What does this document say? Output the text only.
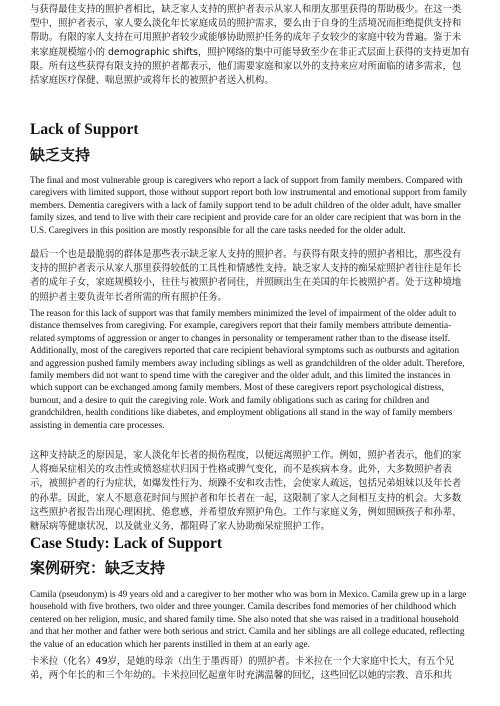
与获得最佳支持的照护者相比，缺乏家人支持的照护者表示从家人和朋友那里获得的帮助极少。在这一类型中，照护者表示，家人要么淡化年长家庭成员的照护需求，要么由于自身的生活境况而拒绝提供支持和帮助。有限的家人支持在可用照护者较少或能够协助照护任务的成年子女较少的家庭中较为普遍。鉴于未来家庭规模缩小的 demographic shifts，照护网络的集中可能导致至少在非正式层面上获得的支持更加有限。所有这些获得有限支持的照护者都表示，他们需要家庭和家以外的支持来应对所面临的诸多需求，包括家庭医疗保健、喘息照护或将年长的被照护者送入机构。

Lack of Support
缺乏支持

The final and most vulnerable group is caregivers who report a lack of support from family members. Compared with caregivers with limited support, those without support report both low instrumental and emotional support from family members. Dementia caregivers with a lack of family support tend to be adult children of the older adult, have smaller family sizes, and tend to live with their care recipient and provide care for an older care recipient that was born in the U.S. Caregivers in this position are mostly responsible for all the care tasks needed for the older adult.

最后一个也是最脆弱的群体是那些表示缺乏家人支持的照护者。与获得有限支持的照护者相比，那些没有支持的照护者表示从家人那里获得较低的工具性和情感性支持。缺乏家人支持的痴呆症照护者往往是年长者的成年子女，家庭规模较小，往往与被照护者同住，并照顾出生在美国的年长被照护者。处于这种境地的照护者主要负责年长者所需的所有照护任务。

The reason for this lack of support was that family members minimized the level of impairment of the older adult to distance themselves from caregiving. For example, caregivers report that their family members attribute dementia-related symptoms of aggression or anger to changes in personality or temperament rather than to the disease itself. Additionally, most of the caregivers reported that care recipient behavioral symptoms such as outbursts and agitation and aggression pushed family members away including siblings as well as grandchildren of the older adult. Therefore, family members did not want to spend time with the caregiver and the older adult, and this limited the instances in which support can be exchanged among family members. Most of these caregivers report psychological distress, burnout, and a desire to quit the caregiving role. Work and family obligations such as caring for children and grandchildren, health conditions like diabetes, and employment obligations all stand in the way of family members assisting in dementia care processes.

这种支持缺乏的原因是，家人淡化年长者的损伤程度，以便远离照护工作。例如，照护者表示，他们的家人将痴呆症相关的攻击性或愤怒症状归因于性格或脾气变化，而不是疾病本身。此外，大多数照护者表示，被照护者的行为症状，如爆发性行为、烦躁不安和攻击性，会使家人疏远，包括兄弟姐妹以及年长者的孙辈。因此，家人不愿意花时间与照护者和年长者在一起，这限制了家人之间相互支持的机会。大多数这些照护者报告出现心理困扰、倦怠感，并希望放弃照护角色。工作与家庭义务，例如照顾孩子和孙辈、糖尿病等健康状况，以及就业义务，都阻碍了家人协助痴呆症照护工作。

Case Study: Lack of Support
案例研究：缺乏支持

Camila (pseudonym) is 49 years old and a caregiver to her mother who was born in Mexico. Camila grew up in a large household with five brothers, two older and three younger. Camila describes fond memories of her childhood which centered on her religion, music, and shared family time. She also noted that she was raised in a traditional household and that her mother and father were both serious and strict. Camila and her siblings are all college educated, reflecting the value of an education which her parents instilled in them at an early age.

卡米拉（化名）49岁，是她的母亲（出生于墨西哥）的照护者。卡米拉在一个大家庭中长大，有五个兄弟，两个年长的和三个年幼的。卡米拉回忆起童年时充满温馨的回忆，这些回忆以她的宗教、音乐和共
